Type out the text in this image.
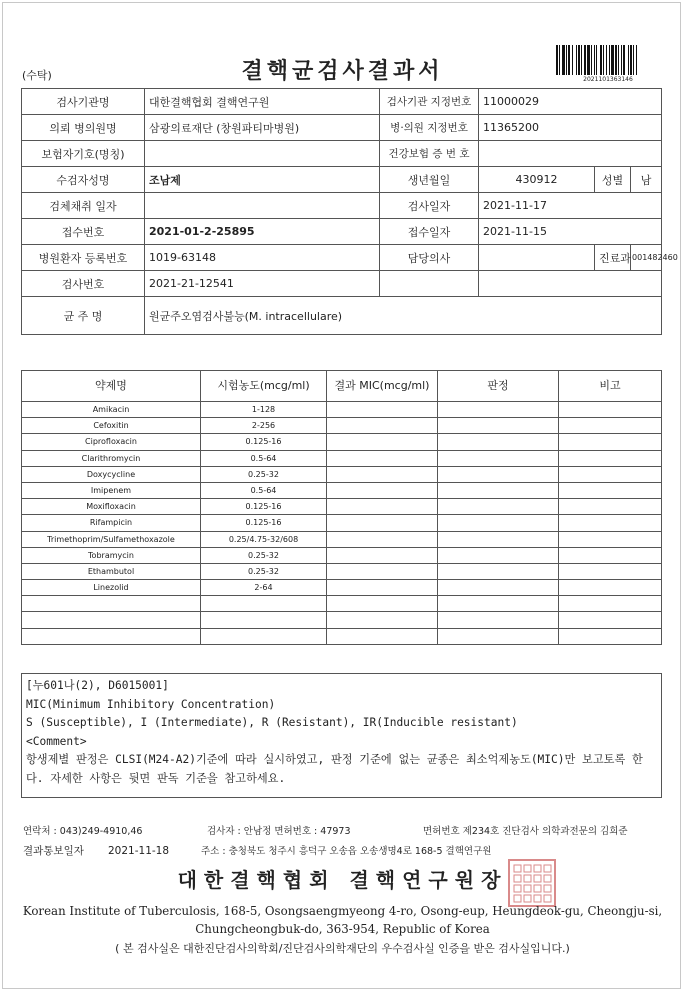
(수탁)	결핵균검사결과서	2021101363146
검사기관명	대한결핵협회 결핵연구원	검사기관 지정번호	11000029		
의뢰 병의원명	삼광의료재단 (창원파티마병원)	병·의원 지정번호	11365200		
보험자기호(명칭)		건강보험 증 번 호			
수검자성명	조남제	생년월일	430912	성별	남
검체채취 일자		검사일자	2021-11-17		
접수번호	2021-01-2-25895	접수일자	2021-11-15		
병원환자 등록번호	1019-63148	담당의사		진료과	001482460
검사번호	2021-21-12541				
균 주 명	원균주오염검사불능(M. intracellulare)				
약제명	시험농도(mcg/ml)	결과 MIC(mcg/ml)	판정	비고
Amikacin	1-128			
Cefoxitin	2-256			
Ciprofloxacin	0.125-16			
Clarithromycin	0.5-64			
Doxycycline	0.25-32			
Imipenem	0.5-64			
Moxifloxacin	0.125-16			
Rifampicin	0.125-16			
Trimethoprim/Sulfamethoxazole	0.25/4.75-32/608			
Tobramycin	0.25-32			
Ethambutol	0.25-32			
Linezolid	2-64			

[누601나(2), D6015001]
MIC(Minimum Inhibitory Concentration)
S (Susceptible), I (Intermediate), R (Resistant), IR(Inducible resistant)
<Comment>
항생제별 판정은 CLSI(M24-A2)기준에 따라 실시하였고, 판정 기준에 없는 균종은 최소억제농도(MIC)만 보고토록 한다. 자세한 사항은 뒷면 판독 기준을 참고하세요.
연락처 : 043)249-4910,46	검사자 : 안남정 면허번호 : 47973	면허번호 제234호 진단검사 의학과전문의 김희준
결과통보일자 2021-11-18	주소 : 충청북도 청주시 흥덕구 오송읍 오송생명4로 168-5 결핵연구원
대한결핵협회 결핵연구원장
Korean Institute of Tuberculosis, 168-5, Osongsaengmyeong 4-ro, Osong-eup, Heungdeok-gu, Cheongju-si, Chungcheongbuk-do, 363-954, Republic of Korea
( 본 검사실은 대한진단검사의학회/진단검사의학재단의 우수검사실 인증을 받은 검사실입니다.)
